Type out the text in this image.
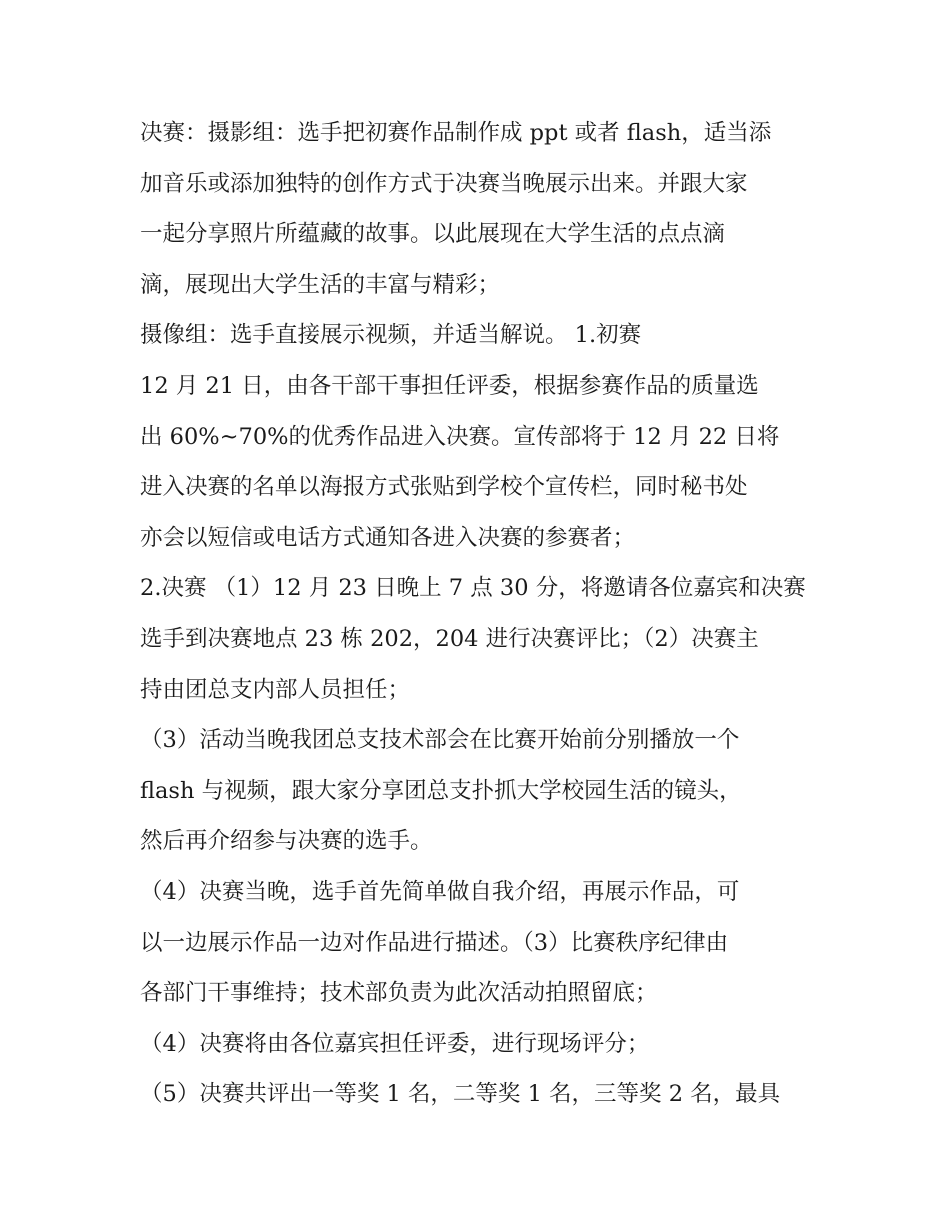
决赛：摄影组：选手把初赛作品制作成 ppt 或者 flash，适当添
加音乐或添加独特的创作方式于决赛当晚展示出来。并跟大家
一起分享照片所蕴藏的故事。以此展现在大学生活的点点滴
滴，展现出大学生活的丰富与精彩；
摄像组：选手直接展示视频，并适当解说。 1.初赛
12 月 21 日，由各干部干事担任评委，根据参赛作品的质量选
出 60%~70%的优秀作品进入决赛。宣传部将于 12 月 22 日将
进入决赛的名单以海报方式张贴到学校个宣传栏，同时秘书处
亦会以短信或电话方式通知各进入决赛的参赛者；
2.决赛 （1）12 月 23 日晚上 7 点 30 分，将邀请各位嘉宾和决赛
选手到决赛地点 23 栋 202，204 进行决赛评比；（2）决赛主
持由团总支内部人员担任；
（3）活动当晚我团总支技术部会在比赛开始前分别播放一个
flash 与视频，跟大家分享团总支扑抓大学校园生活的镜头，
然后再介绍参与决赛的选手。
（4）决赛当晚，选手首先简单做自我介绍，再展示作品，可
以一边展示作品一边对作品进行描述。（3）比赛秩序纪律由
各部门干事维持；技术部负责为此次活动拍照留底；
（4）决赛将由各位嘉宾担任评委，进行现场评分；
（5）决赛共评出一等奖 1 名，二等奖 1 名，三等奖 2 名，最具
